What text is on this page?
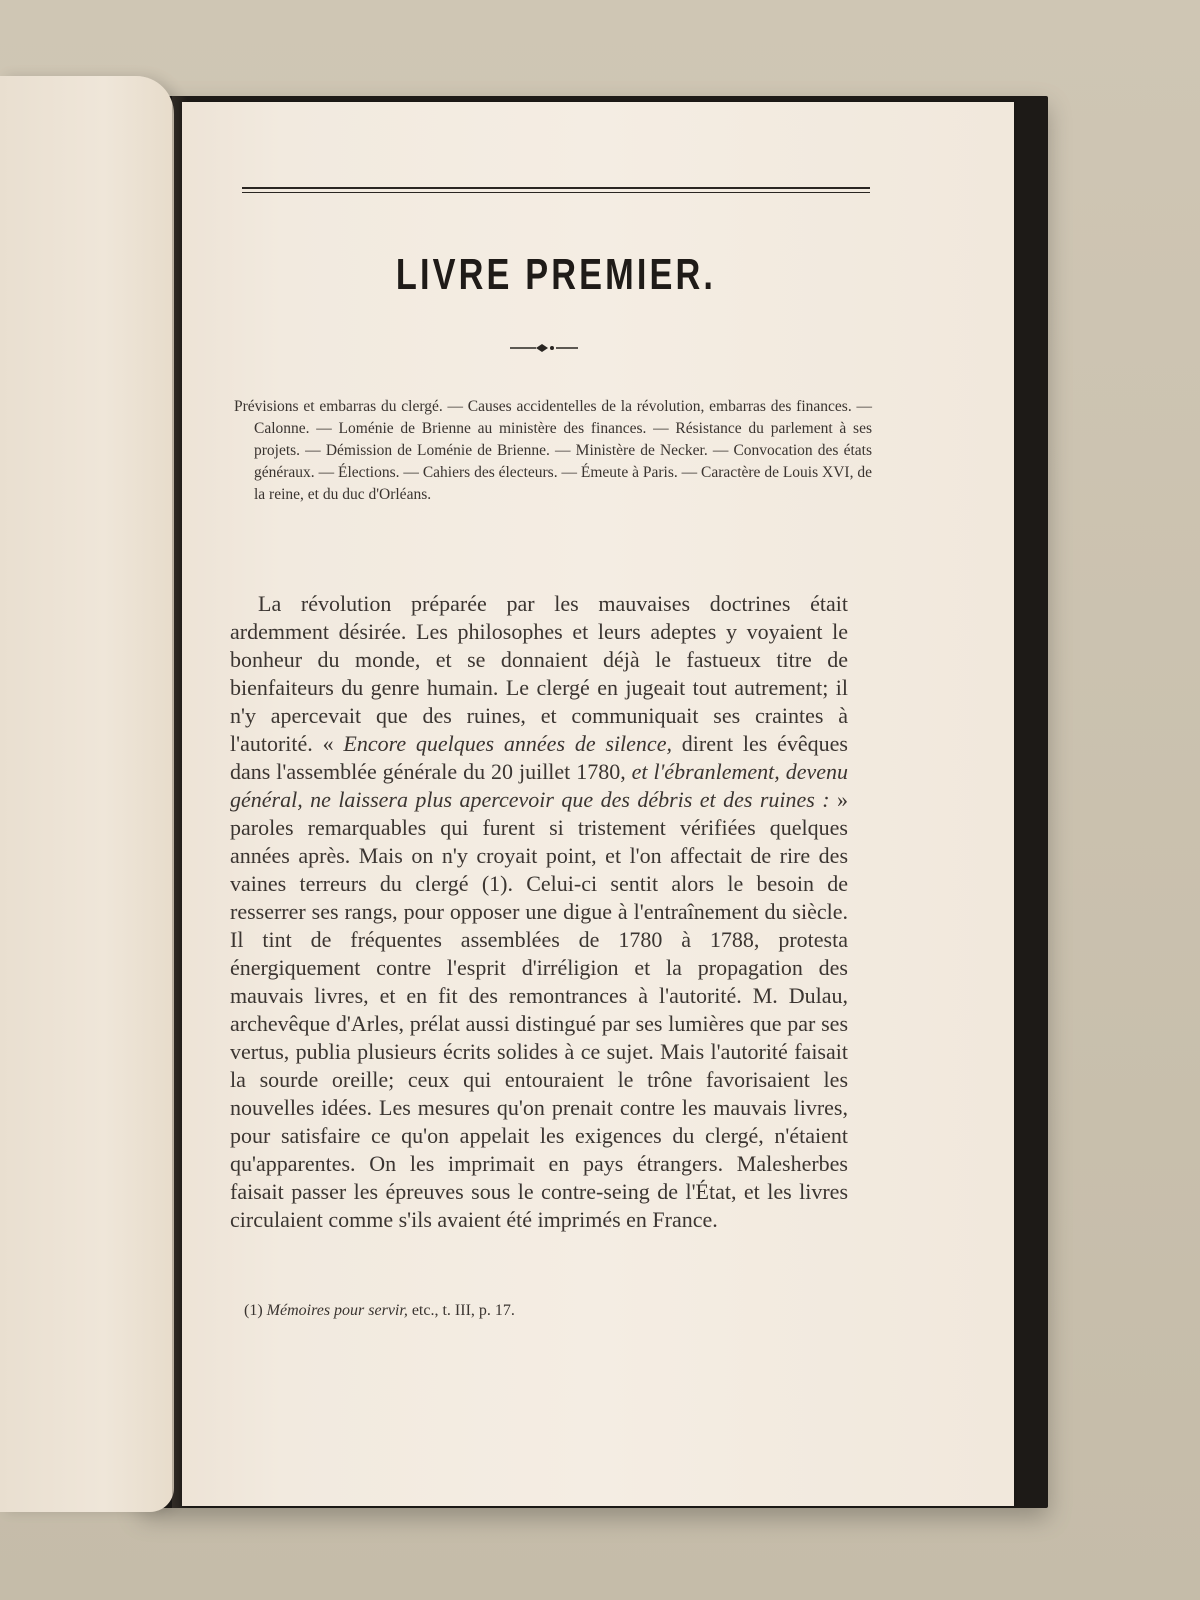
LIVRE PREMIER.
Prévisions et embarras du clergé. — Causes accidentelles de la révolution, embarras des finances. — Calonne. — Loménie de Brienne au ministère des finances. — Résistance du parlement à ses projets. — Démission de Loménie de Brienne. — Ministère de Necker. — Convocation des états généraux. — Élections. — Cahiers des électeurs. — Émeute à Paris. — Caractère de Louis XVI, de la reine, et du duc d'Orléans.
La révolution préparée par les mauvaises doctrines était ardemment désirée. Les philosophes et leurs adeptes y voyaient le bonheur du monde, et se donnaient déjà le fastueux titre de bienfaiteurs du genre humain. Le clergé en jugeait tout autrement; il n'y apercevait que des ruines, et communiquait ses craintes à l'autorité. « Encore quelques années de silence, dirent les évêques dans l'assemblée générale du 20 juillet 1780, et l'ébranlement, devenu général, ne laissera plus apercevoir que des débris et des ruines : » paroles remarquables qui furent si tristement vérifiées quelques années après. Mais on n'y croyait point, et l'on affectait de rire des vaines terreurs du clergé (1). Celui-ci sentit alors le besoin de resserrer ses rangs, pour opposer une digue à l'entraînement du siècle. Il tint de fréquentes assemblées de 1780 à 1788, protesta énergiquement contre l'esprit d'irréligion et la propagation des mauvais livres, et en fit des remontrances à l'autorité. M. Dulau, archevêque d'Arles, prélat aussi distingué par ses lumières que par ses vertus, publia plusieurs écrits solides à ce sujet. Mais l'autorité faisait la sourde oreille; ceux qui entouraient le trône favorisaient les nouvelles idées. Les mesures qu'on prenait contre les mauvais livres, pour satisfaire ce qu'on appelait les exigences du clergé, n'étaient qu'apparentes. On les imprimait en pays étrangers. Malesherbes faisait passer les épreuves sous le contre-seing de l'État, et les livres circulaient comme s'ils avaient été imprimés en France.
(1) Mémoires pour servir, etc., t. III, p. 17.
